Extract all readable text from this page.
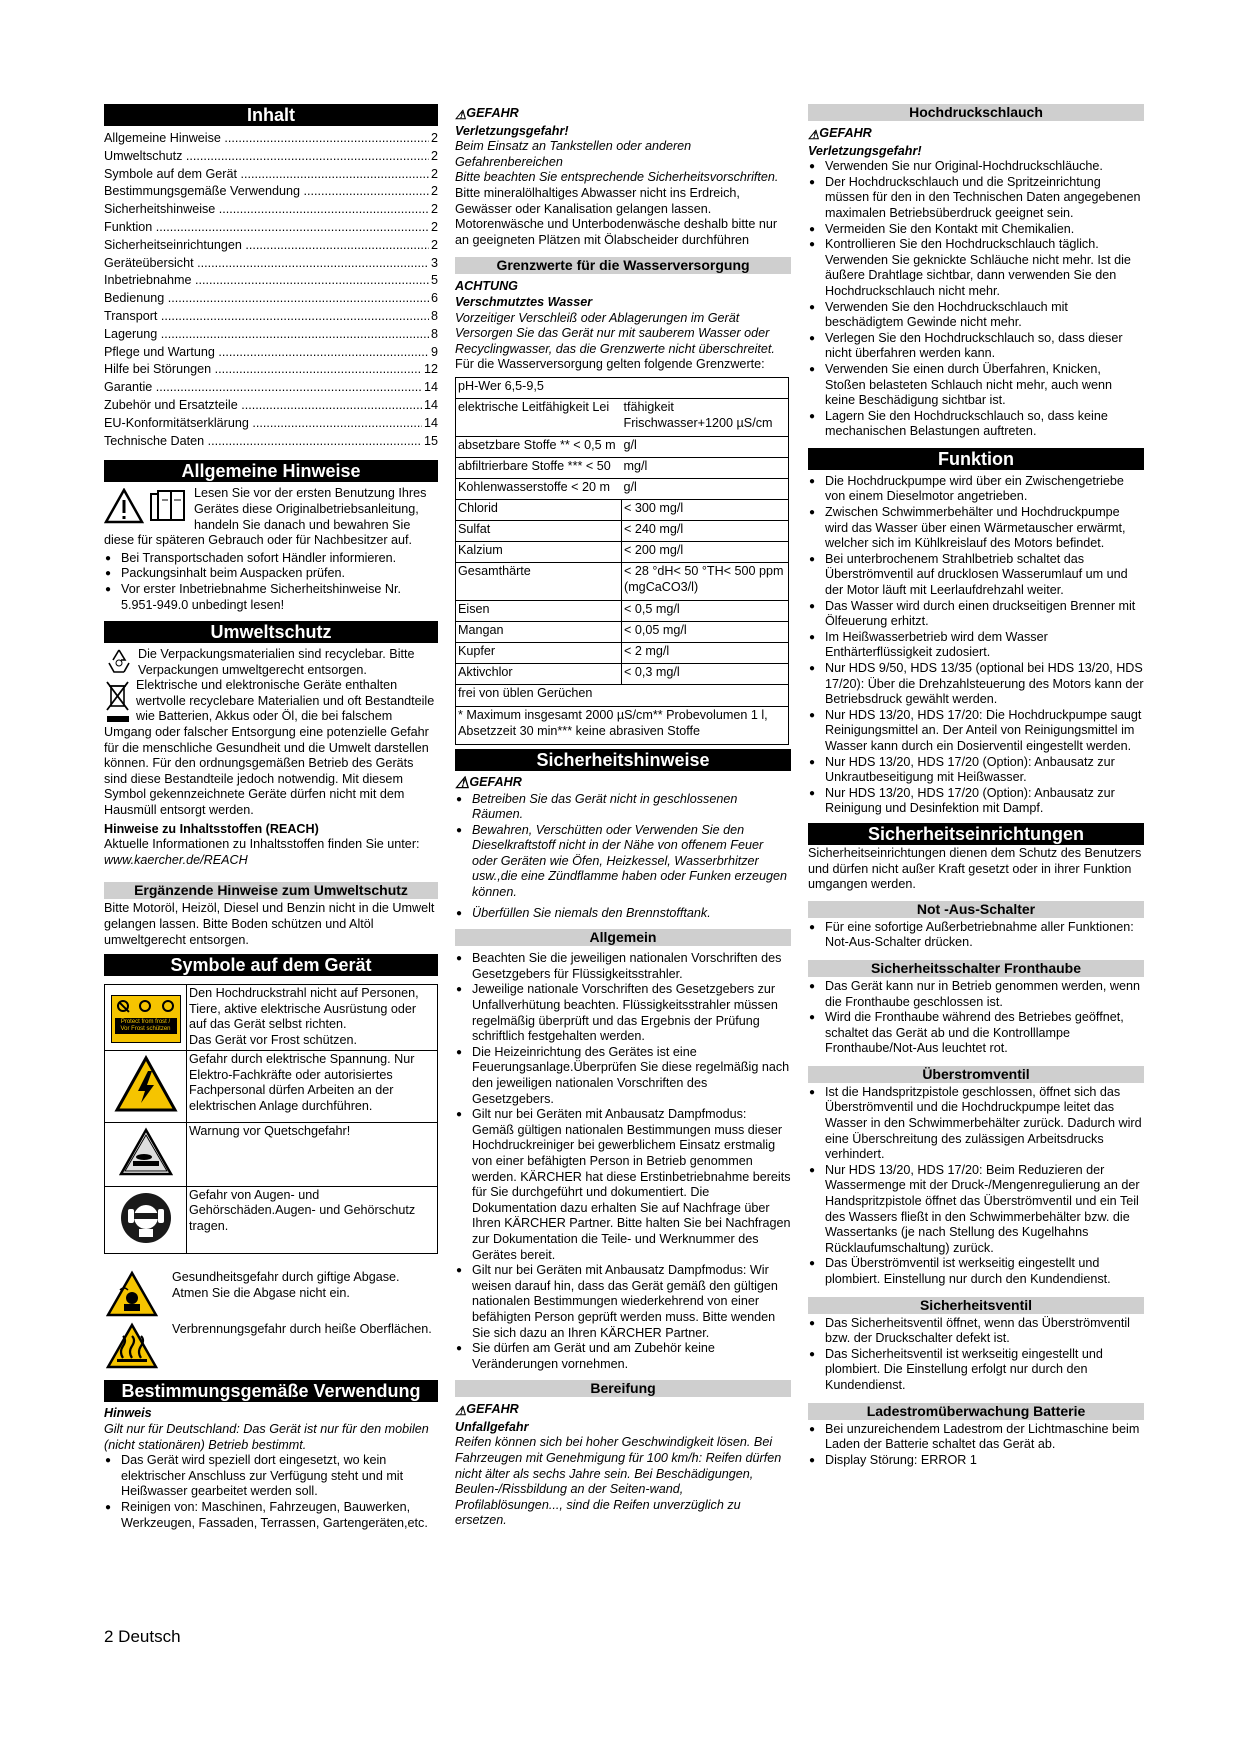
Inhalt
Allgemeine Hinweise .....	2
Umweltschutz .....	2
Symbole auf dem Gerät .....	2
Bestimmungsgemäße Verwendung .....	2
Sicherheitshinweise .....	2
Funktion .....	2
Sicherheitseinrichtungen .....	2
Geräteübersicht .....	3
Inbetriebnahme .....	5
Bedienung .....	6
Transport .....	8
Lagerung .....	8
Pflege und Wartung .....	9
Hilfe bei Störungen .....	12
Garantie .....	14
Zubehör und Ersatzteile .....	14
EU-Konformitätserklärung .....	14
Technische Daten .....	15
Allgemeine Hinweise

Lesen Sie vor der ersten Benutzung Ihres Gerätes diese Originalbetriebsanleitung, handeln Sie danach und bewahren Sie diese für späteren Gebrauch oder für Nachbesitzer auf.

● Bei Transportschaden sofort Händler informieren.
● Packungsinhalt beim Auspacken prüfen.
● Vor erster Inbetriebnahme Sicherheitshinweise Nr. 5.951-949.0 unbedingt lesen!
Umweltschutz

Die Verpackungsmaterialien sind recyclebar. Bitte Verpackungen umweltgerecht entsorgen.

Elektrische und elektronische Geräte enthalten wertvolle recyclebare Materialien und oft Bestandteile wie Batterien, Akkus oder Öl, die bei falschem Umgang oder falscher Entsorgung eine potenzielle Gefahr für die menschliche Gesundheit und die Umwelt darstellen können. Für den ordnungsgemäßen Betrieb des Geräts sind diese Bestandteile jedoch notwendig. Mit diesem Symbol gekennzeichnete Geräte dürfen nicht mit dem Hausmüll entsorgt werden.

Hinweise zu Inhaltsstoffen (REACH)

Aktuelle Informationen zu Inhaltsstoffen finden Sie unter: www.kaercher.de/REACH

Ergänzende Hinweise zum Umweltschutz

Bitte Motoröl, Heizöl, Diesel und Benzin nicht in die Umwelt gelangen lassen. Bitte Boden schützen und Altöl umweltgerecht entsorgen.

Symbole auf dem Gerät
Protect from frost / Vor Frost schützen	Den Hochdruckstrahl nicht auf Personen, Tiere, aktive elektrische Ausrüstung oder auf das Gerät selbst richten.
Das Gerät vor Frost schützen.
	Gefahr durch elektrische Spannung. Nur Elektro-Fachkräfte oder autorisiertes Fachpersonal dürfen Arbeiten an der elektrischen Anlage durchführen.
	Warnung vor Quetschgefahr!
	Gefahr von Augen- und Gehörschäden.Augen- und Gehörschutz tragen.

Gesundheitsgefahr durch giftige Abgase. Atmen Sie die Abgase nicht ein.

Verbrennungsgefahr durch heiße Oberflächen.

Bestimmungsgemäße Verwendung

Hinweis

Gilt nur für Deutschland: Das Gerät ist nur für den mobilen (nicht stationären) Betrieb bestimmt.

● Das Gerät wird speziell dort eingesetzt, wo kein elektrischer Anschluss zur Verfügung steht und mit Heißwasser gearbeitet werden soll.
● Reinigen von: Maschinen, Fahrzeugen, Bauwerken, Werkzeugen, Fassaden, Terrassen, Gartengeräten,etc.

⚠GEFAHR

Verletzungsgefahr!

Beim Einsatz an Tankstellen oder anderen Gefahrenbereichen

Bitte beachten Sie entsprechende Sicherheitsvorschriften.

Bitte mineralölhaltiges Abwasser nicht ins Erdreich, Gewässer oder Kanalisation gelangen lassen. Motorenwäsche und Unterbodenwäsche deshalb bitte nur an geeigneten Plätzen mit Ölabscheider durchführen

Grenzwerte für die Wasserversorgung

ACHTUNG

Verschmutztes Wasser

Vorzeitiger Verschleiß oder Ablagerungen im Gerät Versorgen Sie das Gerät nur mit sauberem Wasser oder Recyclingwasser, das die Grenzwerte nicht überschreitet.

Für die Wasserversorgung gelten folgende Grenzwerte:

pH-Wer 6,5-9,5	
elektrische Leitfähigkeit Lei	tfähigkeit Frischwasser+1200 µS/cm
absetzbare Stoffe ** < 0,5 m	g/l
abfiltrierbare Stoffe *** < 50	mg/l
Kohlenwasserstoffe < 20 m	g/l
Chlorid	< 300 mg/l
Sulfat	< 240 mg/l
Kalzium	< 200 mg/l
Gesamthärte	< 28 °dH< 50 °TH< 500 ppm (mgCaCO3/l)
Eisen	< 0,5 mg/l
Mangan	< 0,05 mg/l
Kupfer	< 2 mg/l
Aktivchlor	< 0,3 mg/l
frei von üblen Gerüchen	
* Maximum insgesamt 2000 µS/cm** Probevolumen 1 l, Absetzzeit 30 min*** keine abrasiven Stoffe	
Sicherheitshinweise

⚠GEFAHR

● Betreiben Sie das Gerät nicht in geschlossenen Räumen.
● Bewahren, Verschütten oder Verwenden Sie den Dieselkraftstoff nicht in der Nähe von offenem Feuer oder Geräten wie Öfen, Heizkessel, Wasserbrhitzer usw.,die eine Zündflamme haben oder Funken erzeugen können.
● Überfüllen Sie niemals den Brennstofftank.
Allgemein
● Beachten Sie die jeweiligen nationalen Vorschriften des Gesetzgebers für Flüssigkeitsstrahler.
● Jeweilige nationale Vorschriften des Gesetzgebers zur Unfallverhütung beachten. Flüssigkeitsstrahler müssen regelmäßig überprüft und das Ergebnis der Prüfung schriftlich festgehalten werden.
● Die Heizeinrichtung des Gerätes ist eine Feuerungsanlage.Überprüfen Sie diese regelmäßig nach den jeweiligen nationalen Vorschriften des Gesetzgebers.
● Gilt nur bei Geräten mit Anbausatz Dampfmodus: Gemäß gültigen nationalen Bestimmungen muss dieser Hochdruckreiniger bei gewerblichem Einsatz erstmalig von einer befähigten Person in Betrieb genommen werden. KÄRCHER hat diese Erstinbetriebnahme bereits für Sie durchgeführt und dokumentiert. Die Dokumentation dazu erhalten Sie auf Nachfrage über Ihren KÄRCHER Partner. Bitte halten Sie bei Nachfragen zur Dokumentation die Teile- und Werknummer des Gerätes bereit.
● Gilt nur bei Geräten mit Anbausatz Dampfmodus: Wir weisen darauf hin, dass das Gerät gemäß den gültigen nationalen Bestimmungen wiederkehrend von einer befähigten Person geprüft werden muss. Bitte wenden Sie sich dazu an Ihren KÄRCHER Partner.
● Sie dürfen am Gerät und am Zubehör keine Veränderungen vornehmen.
Bereifung

⚠GEFAHR

Unfallgefahr

Reifen können sich bei hoher Geschwindigkeit lösen. Bei Fahrzeugen mit Genehmigung für 100 km/h: Reifen dürfen nicht älter als sechs Jahre sein. Bei Beschädigungen, Beulen-/Rissbildung an der Seiten-wand, Profilablösungen..., sind die Reifen unverzüglich zu ersetzen.

Hochdruckschlauch

⚠GEFAHR

Verletzungsgefahr!

● Verwenden Sie nur Original-Hochdruckschläuche.
● Der Hochdruckschlauch und die Spritzeinrichtung müssen für den in den Technischen Daten angegebenen maximalen Betriebsüberdruck geeignet sein.
● Vermeiden Sie den Kontakt mit Chemikalien.
● Kontrollieren Sie den Hochdruckschlauch täglich. Verwenden Sie geknickte Schläuche nicht mehr. Ist die äußere Drahtlage sichtbar, dann verwenden Sie den Hochdruckschlauch nicht mehr.
● Verwenden Sie den Hochdruckschlauch mit beschädigtem Gewinde nicht mehr.
● Verlegen Sie den Hochdruckschlauch so, dass dieser nicht überfahren werden kann.
● Verwenden Sie einen durch Überfahren, Knicken, Stoßen belasteten Schlauch nicht mehr, auch wenn keine Beschädigung sichtbar ist.
● Lagern Sie den Hochdruckschlauch so, dass keine mechanischen Belastungen auftreten.
Funktion
● Die Hochdruckpumpe wird über ein Zwischengetriebe von einem Dieselmotor angetrieben.
● Zwischen Schwimmerbehälter und Hochdruckpumpe wird das Wasser über einen Wärmetauscher erwärmt, welcher sich im Kühlkreislauf des Motors befindet.
● Bei unterbrochenem Strahlbetrieb schaltet das Überströmventil auf drucklosen Wasserumlauf um und der Motor läuft mit Leerlaufdrehzahl weiter.
● Das Wasser wird durch einen druckseitigen Brenner mit Ölfeuerung erhitzt.
● Im Heißwasserbetrieb wird dem Wasser Enthärterflüssigkeit zudosiert.
● Nur HDS 9/50, HDS 13/35 (optional bei HDS 13/20, HDS 17/20): Über die Drehzahlsteuerung des Motors kann der Betriebsdruck gewählt werden.
● Nur HDS 13/20, HDS 17/20: Die Hochdruckpumpe saugt Reinigungsmittel an. Der Anteil von Reinigungsmittel im Wasser kann durch ein Dosierventil eingestellt werden.
● Nur HDS 13/20, HDS 17/20 (Option): Anbausatz zur Unkrautbeseitigung mit Heißwasser.
● Nur HDS 13/20, HDS 17/20 (Option): Anbausatz zur Reinigung und Desinfektion mit Dampf.
Sicherheitseinrichtungen

Sicherheitseinrichtungen dienen dem Schutz des Benutzers und dürfen nicht außer Kraft gesetzt oder in ihrer Funktion umgangen werden.

Not -Aus-Schalter
● Für eine sofortige Außerbetriebnahme aller Funktionen: Not-Aus-Schalter drücken.
Sicherheitsschalter Fronthaube
● Das Gerät kann nur in Betrieb genommen werden, wenn die Fronthaube geschlossen ist.
● Wird die Fronthaube während des Betriebes geöffnet, schaltet das Gerät ab und die Kontrolllampe Fronthaube/Not-Aus leuchtet rot.
Überstromventil
● Ist die Handspritzpistole geschlossen, öffnet sich das Überströmventil und die Hochdruckpumpe leitet das Wasser in den Schwimmerbehälter zurück. Dadurch wird eine Überschreitung des zulässigen Arbeitsdrucks verhindert.
● Nur HDS 13/20, HDS 17/20: Beim Reduzieren der Wassermenge mit der Druck-/Mengenregulierung an der Handspritzpistole öffnet das Überströmventil und ein Teil des Wassers fließt in den Schwimmerbehälter bzw. die Wassertanks (je nach Stellung des Kugelhahns Rücklaufumschaltung) zurück.
● Das Überströmventil ist werkseitig eingestellt und plombiert. Einstellung nur durch den Kundendienst.
Sicherheitsventil
● Das Sicherheitsventil öffnet, wenn das Überströmventil bzw. der Druckschalter defekt ist.
● Das Sicherheitsventil ist werkseitig eingestellt und plombiert. Die Einstellung erfolgt nur durch den Kundendienst.
Ladestromüberwachung Batterie
● Bei unzureichendem Ladestrom der Lichtmaschine beim Laden der Batterie schaltet das Gerät ab.
● Display Störung: ERROR 1
2 Deutsch
